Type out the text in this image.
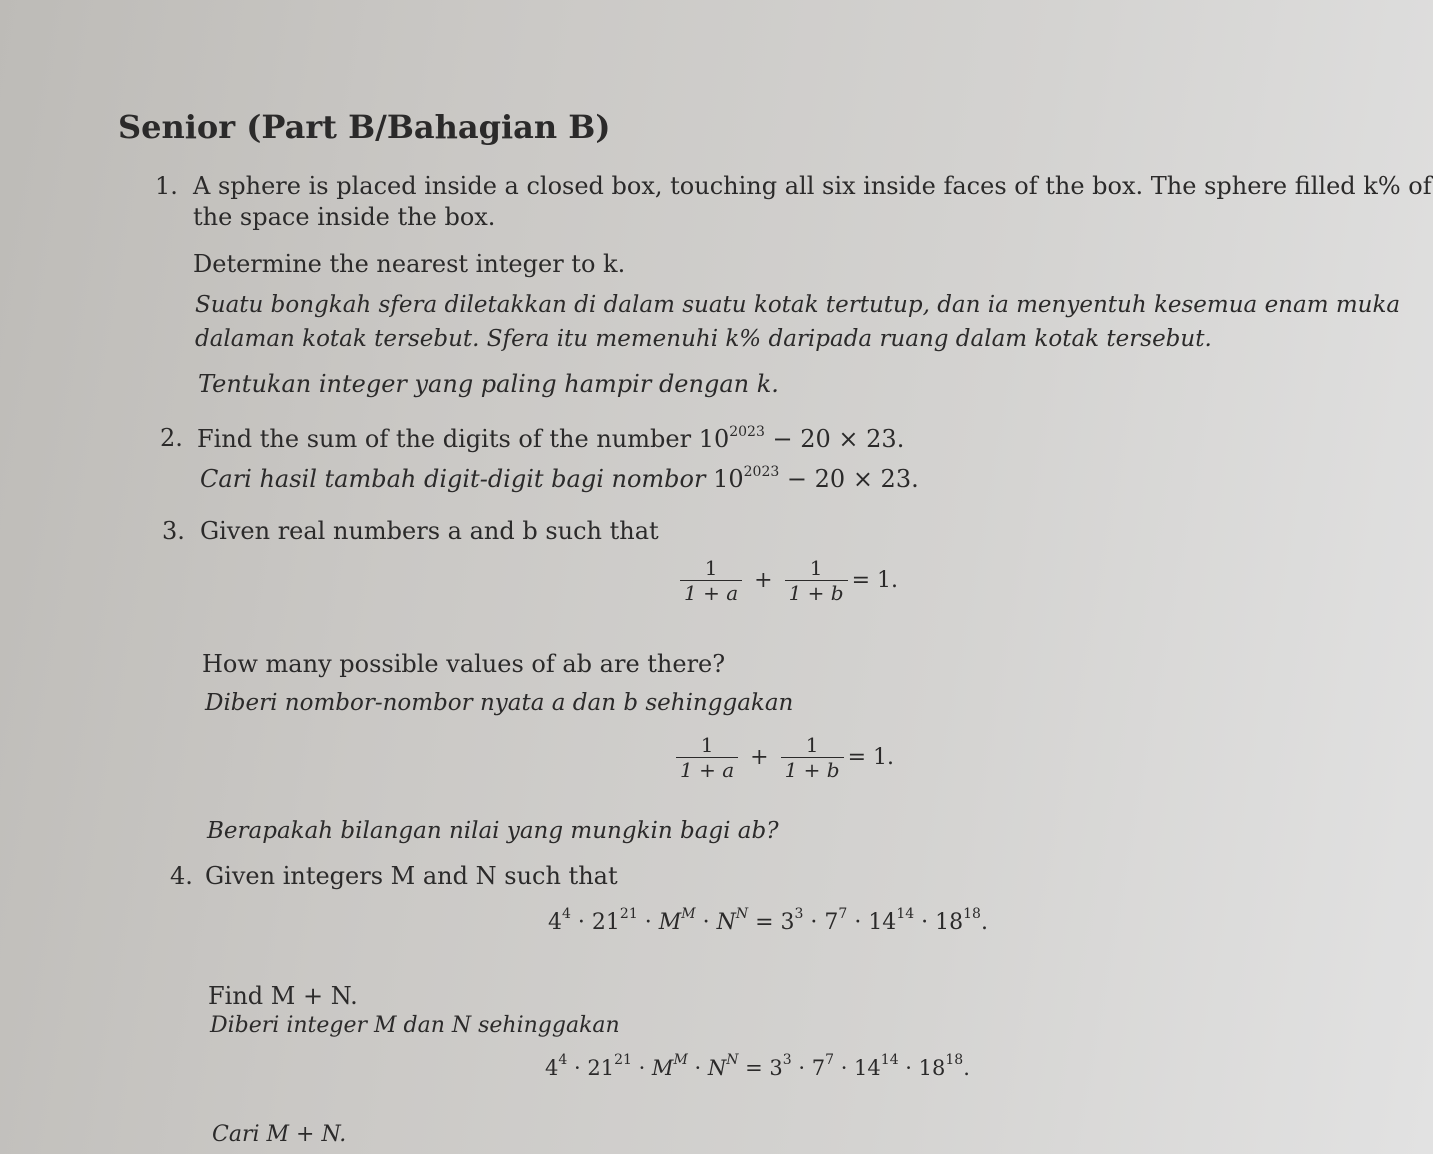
Senior (Part B/Bahagian B)
1. A sphere is placed inside a closed box, touching all six inside faces of the box. The sphere filled k% of
the space inside the box.
Determine the nearest integer to k.
Suatu bongkah sfera diletakkan di dalam suatu kotak tertutup, dan ia menyentuh kesemua enam muka
dalaman kotak tersebut. Sfera itu memenuhi k% daripada ruang dalam kotak tersebut.
Tentukan integer yang paling hampir dengan k.
2. Find the sum of the digits of the number $10^{2023} - 20 \times 23$.
Cari hasil tambah digit-digit bagi nombor $10^{2023} - 20 \times 23$.
3. Given real numbers a and b such that
$\frac{1}{1 + a} + \frac{1}{1 + b} = 1$.
How many possible values of ab are there?
Diberi nombor-nombor nyata a dan b sehinggakan
$\frac{1}{1 + a} + \frac{1}{1 + b} = 1$.
Berapakah bilangan nilai yang mungkin bagi ab?
4. Given integers M and N such that
$4^4 \cdot 21^{21} \cdot M^M \cdot N^N = 3^3 \cdot 7^7 \cdot 14^{14} \cdot 18^{18}$.
Find M + N.
Diberi integer M dan N sehinggakan
$4^4 \cdot 21^{21} \cdot M^M \cdot N^N = 3^3 \cdot 7^7 \cdot 14^{14} \cdot 18^{18}$.
Cari M + N.
